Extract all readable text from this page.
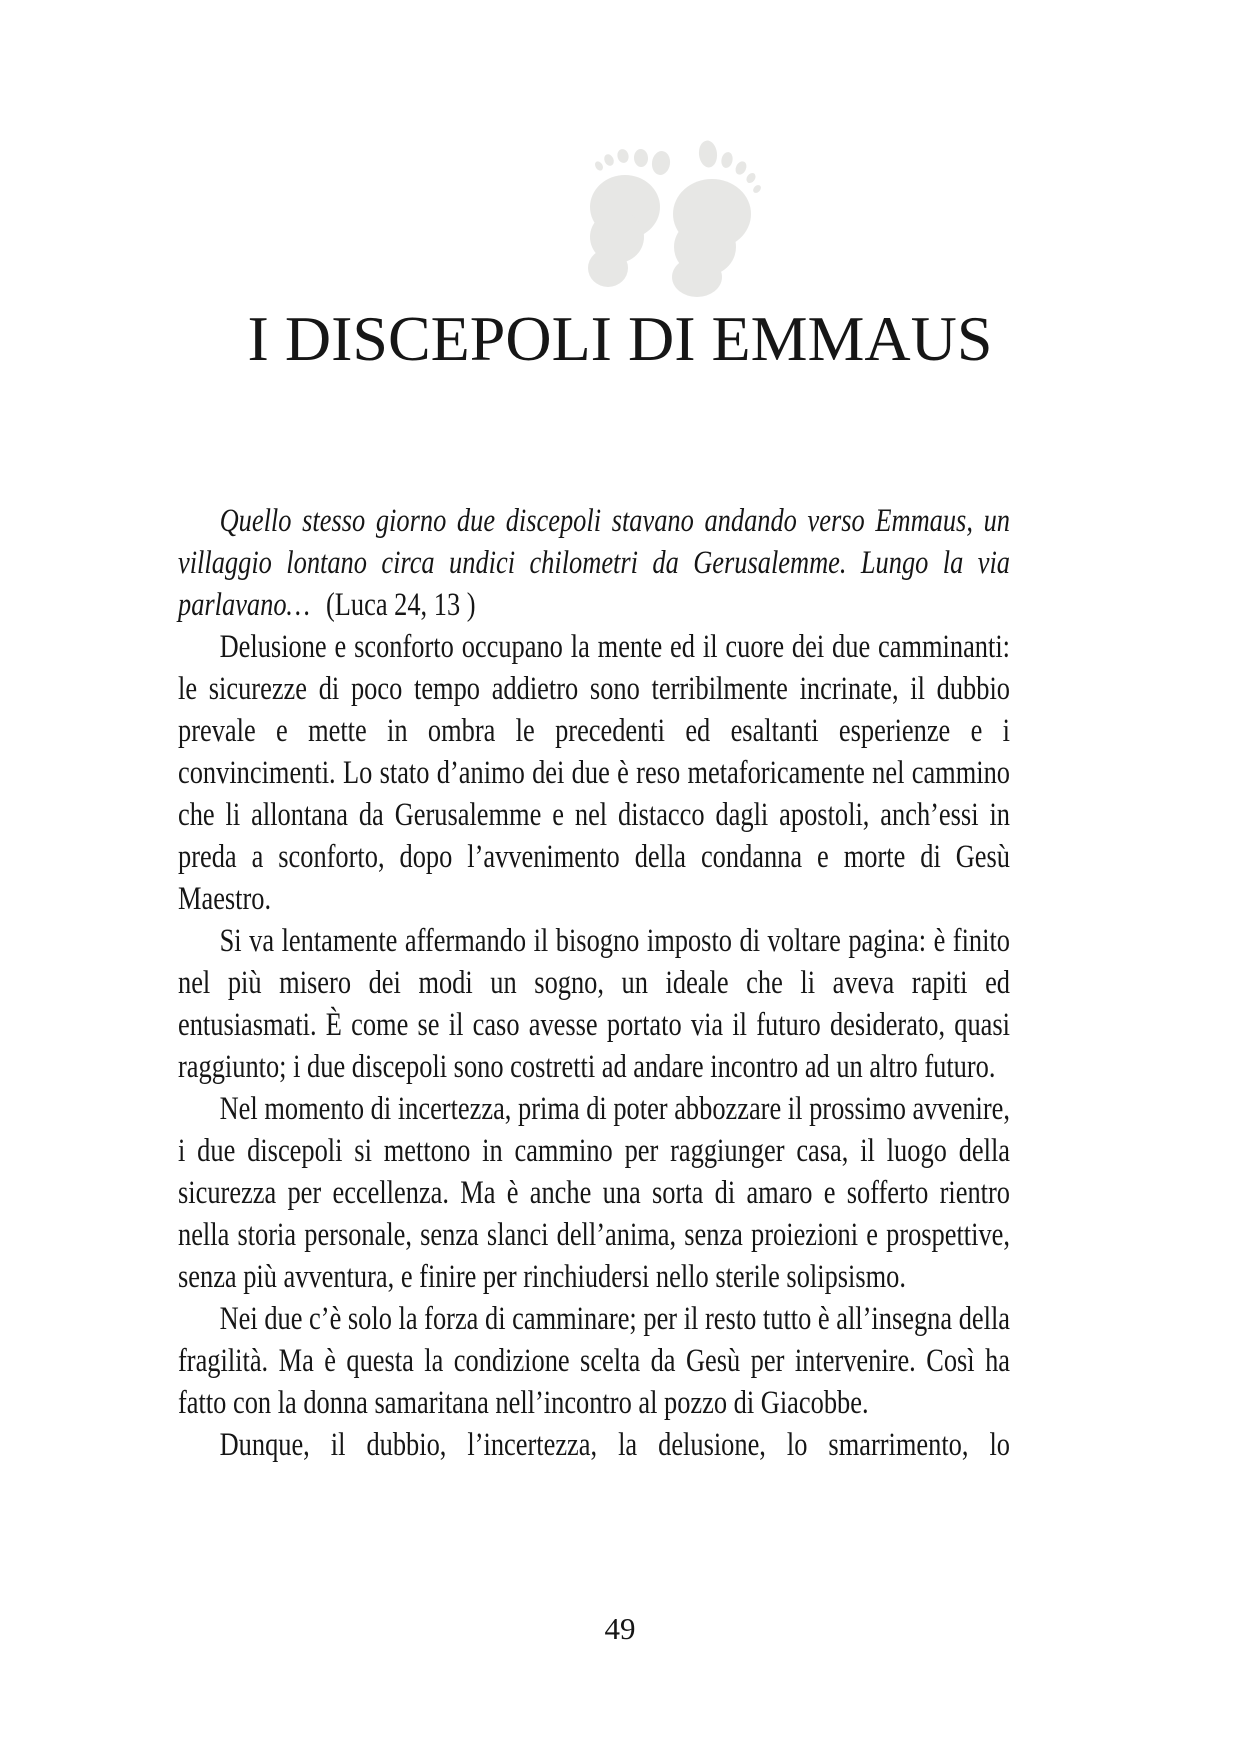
I DISCEPOLI DI EMMAUS

Quello stesso giorno due discepoli stavano andando verso Emmaus, un villaggio lontano circa undici chilometri da Gerusalemme. Lungo la via parlavano… (Luca 24, 13 )

Delusione e sconforto occupano la mente ed il cuore dei due camminanti: le sicurezze di poco tempo addietro sono terribilmente incrinate, il dubbio prevale e mette in ombra le precedenti ed esaltanti esperienze e i convincimenti. Lo stato d’animo dei due è reso metaforicamente nel cammino che li allontana da Gerusalemme e nel distacco dagli apostoli, anch’essi in preda a sconforto, dopo l’avvenimento della condanna e morte di Gesù Maestro.

Si va lentamente affermando il bisogno imposto di voltare pagina: è finito nel più misero dei modi un sogno, un ideale che li aveva rapiti ed entusiasmati. È come se il caso avesse portato via il futuro desiderato, quasi raggiunto; i due discepoli sono costretti ad andare incontro ad un altro futuro.

Nel momento di incertezza, prima di poter abbozzare il prossimo avvenire, i due discepoli si mettono in cammino per raggiunger casa, il luogo della sicurezza per eccellenza. Ma è anche una sorta di amaro e sofferto rientro nella storia personale, senza slanci dell’anima, senza proiezioni e prospettive, senza più avventura, e finire per rinchiudersi nello sterile solipsismo.

Nei due c’è solo la forza di camminare; per il resto tutto è all’insegna della fragilità. Ma è questa la condizione scelta da Gesù per intervenire. Così ha fatto con la donna samaritana nell’incontro al pozzo di Giacobbe.

Dunque, il dubbio, l’incertezza, la delusione, lo smarrimento, lo

49
